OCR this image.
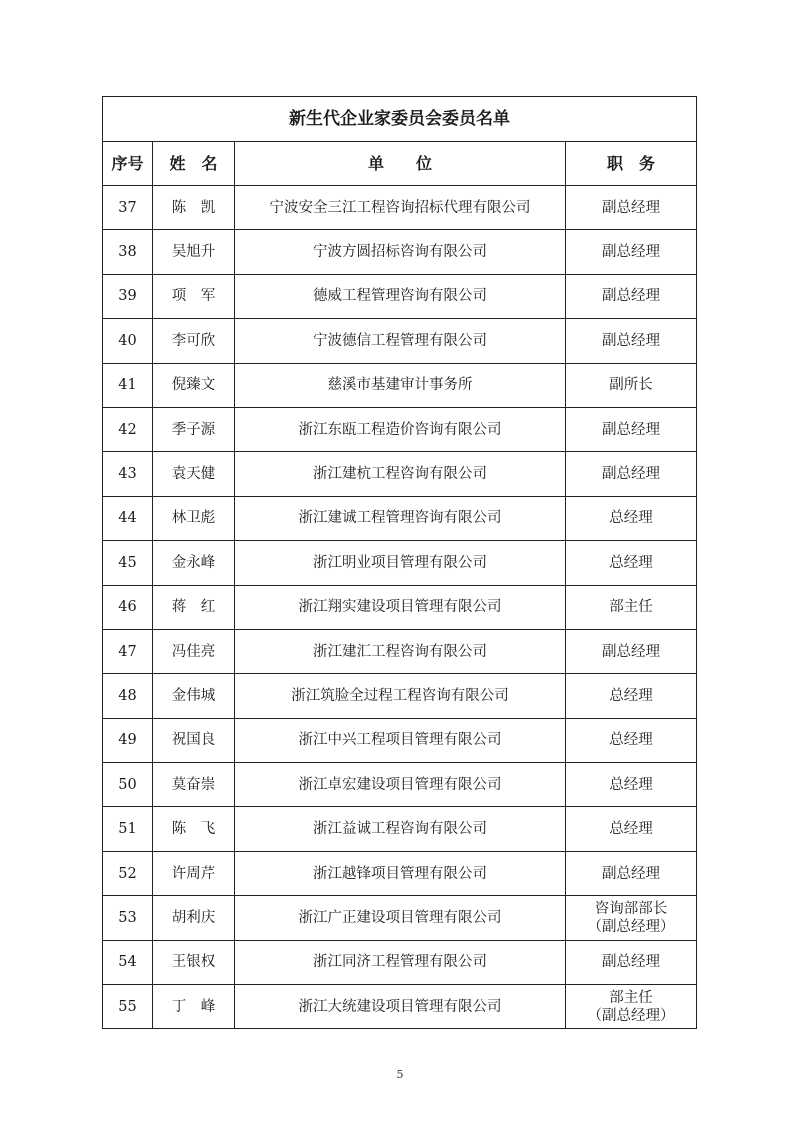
新生代企业家委员会委员名单			
序号	姓　名	单　　位	职　务
37	陈　凯	宁波安全三江工程咨询招标代理有限公司	副总经理

38	吴旭升	宁波方圆招标咨询有限公司	副总经理

39	项　军	德威工程管理咨询有限公司	副总经理

40	李可欣	宁波德信工程管理有限公司	副总经理

41	倪臻文	慈溪市基建审计事务所	副所长

42	季子源	浙江东瓯工程造价咨询有限公司	副总经理

43	袁天健	浙江建杭工程咨询有限公司	副总经理

44	林卫彪	浙江建诚工程管理咨询有限公司	总经理

45	金永峰	浙江明业项目管理有限公司	总经理

46	蒋　红	浙江翔实建设项目管理有限公司	部主任

47	冯佳亮	浙江建汇工程咨询有限公司	副总经理

48	金伟城	浙江筑脸全过程工程咨询有限公司	总经理

49	祝国良	浙江中兴工程项目管理有限公司	总经理

50	莫奋崇	浙江卓宏建设项目管理有限公司	总经理

51	陈　飞	浙江益诚工程咨询有限公司	总经理

52	许周芹	浙江越锋项目管理有限公司	副总经理

53	胡利庆	浙江广正建设项目管理有限公司	咨询部部长
（副总经理）

54	王银权	浙江同济工程管理有限公司	副总经理

55	丁　峰	浙江大统建设项目管理有限公司	部主任
（副总经理）
5
